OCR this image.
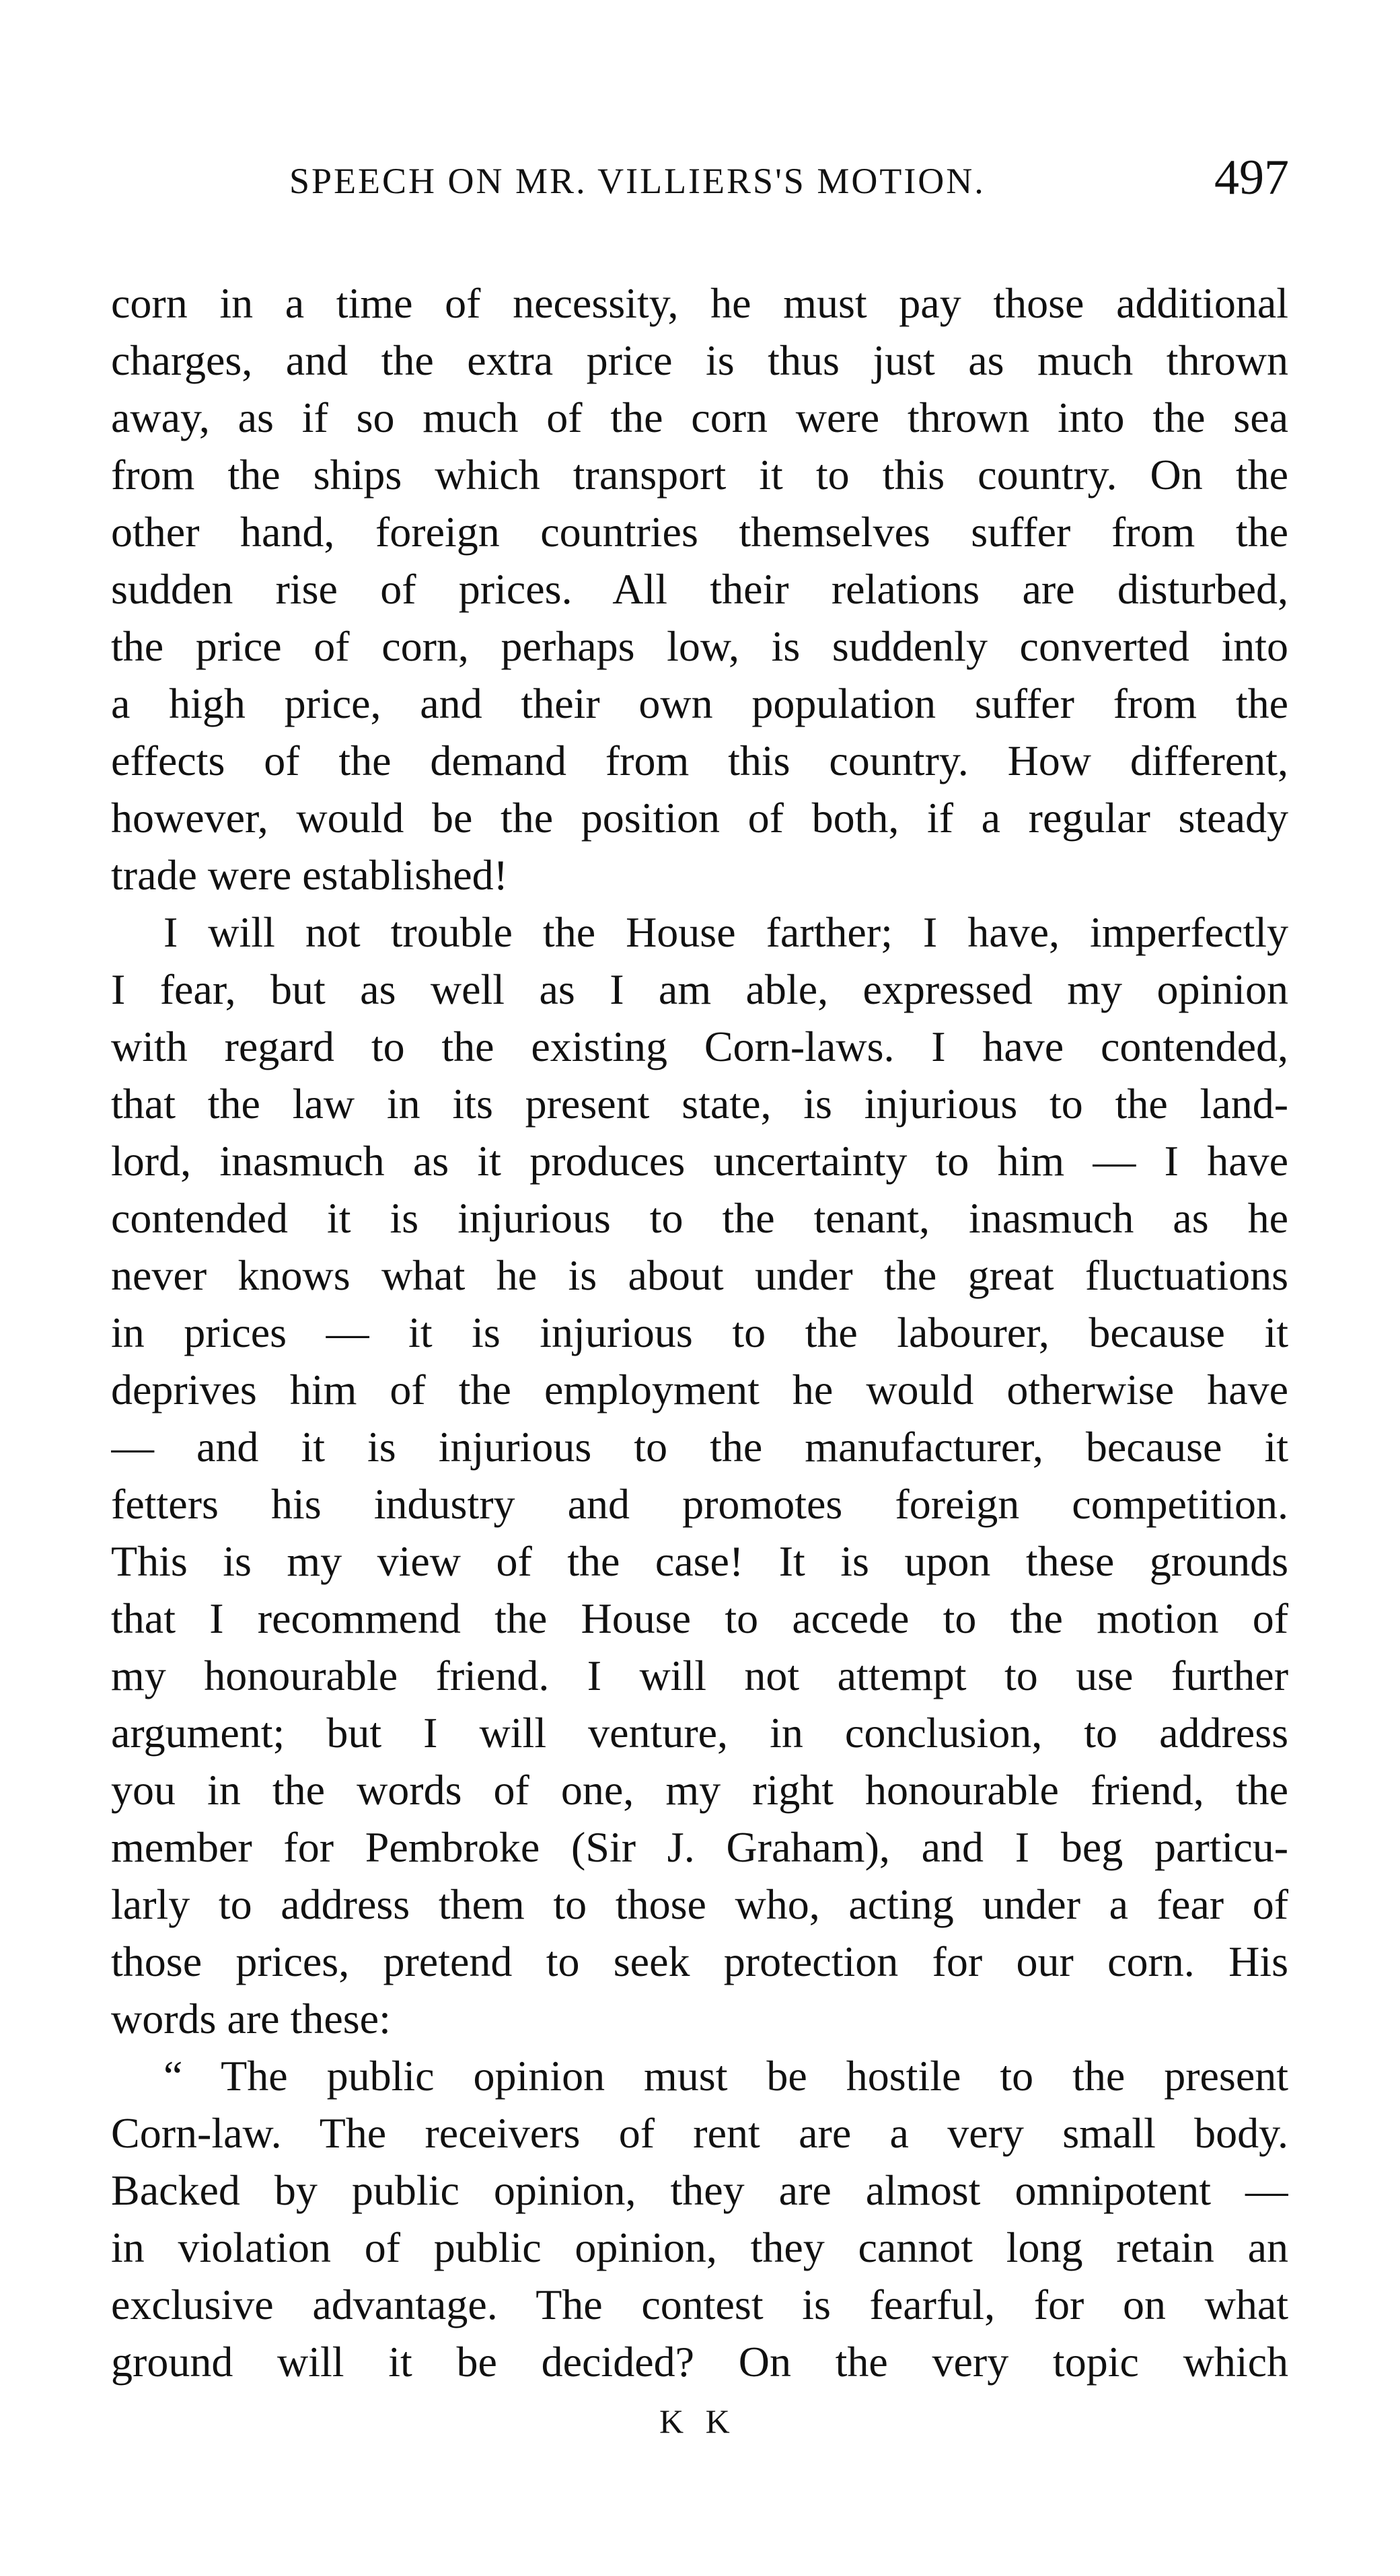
SPEECH ON MR. VILLIERS'S MOTION.	497
corn in a time of necessity, he must pay those additional
charges, and the extra price is thus just as much thrown
away, as if so much of the corn were thrown into the sea
from the ships which transport it to this country. On the
other hand, foreign countries themselves suffer from the
sudden rise of prices. All their relations are disturbed,
the price of corn, perhaps low, is suddenly converted into
a high price, and their own population suffer from the
effects of the demand from this country. How different,
however, would be the position of both, if a regular steady
trade were established!
I will not trouble the House farther; I have, imperfectly
I fear, but as well as I am able, expressed my opinion
with regard to the existing Corn-laws. I have contended,
that the law in its present state, is injurious to the land-
lord, inasmuch as it produces uncertainty to him — I have
contended it is injurious to the tenant, inasmuch as he
never knows what he is about under the great fluctuations
in prices — it is injurious to the labourer, because it
deprives him of the employment he would otherwise have
— and it is injurious to the manufacturer, because it
fetters his industry and promotes foreign competition.
This is my view of the case! It is upon these grounds
that I recommend the House to accede to the motion of
my honourable friend. I will not attempt to use further
argument; but I will venture, in conclusion, to address
you in the words of one, my right honourable friend, the
member for Pembroke (Sir J. Graham), and I beg particu-
larly to address them to those who, acting under a fear of
those prices, pretend to seek protection for our corn. His
words are these:
“ The public opinion must be hostile to the present
Corn-law. The receivers of rent are a very small body.
Backed by public opinion, they are almost omnipotent —
in violation of public opinion, they cannot long retain an
exclusive advantage. The contest is fearful, for on what
ground will it be decided? On the very topic which
K K
